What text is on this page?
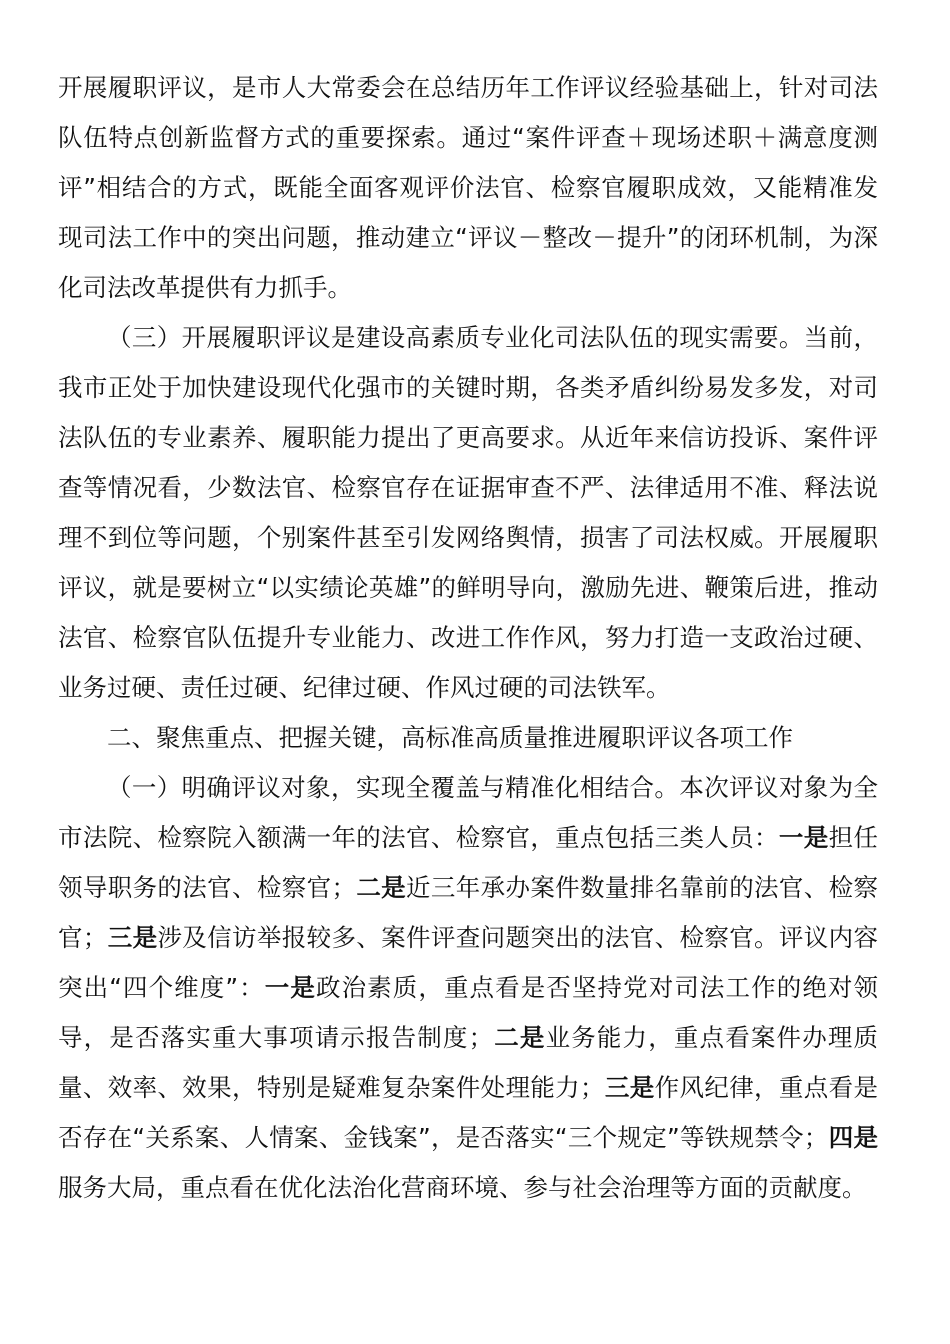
开展履职评议，是市人大常委会在总结历年工作评议经验基础上，针对司法队伍特点创新监督方式的重要探索。通过“案件评查＋现场述职＋满意度测评”相结合的方式，既能全面客观评价法官、检察官履职成效，又能精准发现司法工作中的突出问题，推动建立“评议－整改－提升”的闭环机制，为深化司法改革提供有力抓手。

（三）开展履职评议是建设高素质专业化司法队伍的现实需要。当前，我市正处于加快建设现代化强市的关键时期，各类矛盾纠纷易发多发，对司法队伍的专业素养、履职能力提出了更高要求。从近年来信访投诉、案件评查等情况看，少数法官、检察官存在证据审查不严、法律适用不准、释法说理不到位等问题，个别案件甚至引发网络舆情，损害了司法权威。开展履职评议，就是要树立“以实绩论英雄”的鲜明导向，激励先进、鞭策后进，推动法官、检察官队伍提升专业能力、改进工作作风，努力打造一支政治过硬、业务过硬、责任过硬、纪律过硬、作风过硬的司法铁军。

二、聚焦重点、把握关键，高标准高质量推进履职评议各项工作

（一）明确评议对象，实现全覆盖与精准化相结合。本次评议对象为全市法院、检察院入额满一年的法官、检察官，重点包括三类人员：一是担任领导职务的法官、检察官；二是近三年承办案件数量排名靠前的法官、检察官；三是涉及信访举报较多、案件评查问题突出的法官、检察官。评议内容突出“四个维度”：一是政治素质，重点看是否坚持党对司法工作的绝对领导，是否落实重大事项请示报告制度；二是业务能力，重点看案件办理质量、效率、效果，特别是疑难复杂案件处理能力；三是作风纪律，重点看是否存在“关系案、人情案、金钱案”，是否落实“三个规定”等铁规禁令；四是服务大局，重点看在优化法治化营商环境、参与社会治理等方面的贡献度。
